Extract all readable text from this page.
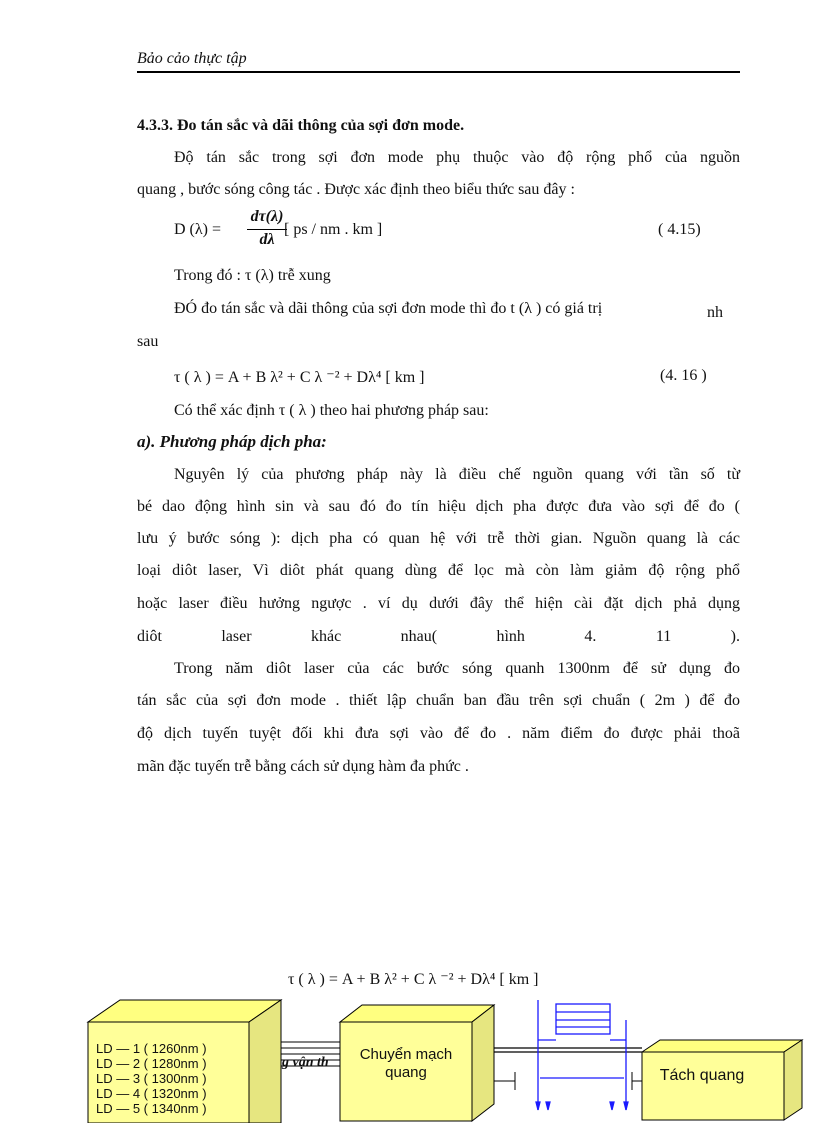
Bảo cảo thực tập
4.3.3. Đo tán sắc và dãi thông của sợi đơn mode.
Độ tán sắc trong sợi đơn mode phụ thuộc vào độ rộng phổ của nguồn
quang , bước sóng công tác . Được xác định theo biểu thức sau đây :
D (λ) =
dτ(λ)
dλ
[ ps / nm . km ]	( 4.15)
Trong đó : τ (λ) trễ xung
ĐÓ đo tán sắc và dãi thông của sợi đơn mode thì đo t (λ ) có giá trị	nh
sau
τ ( λ ) = A + B λ² + C λ ⁻² + Dλ⁴ [ km ]	(4. 16 )
Có thể xác định τ ( λ ) theo hai phương pháp sau:
a). Phương pháp dịch pha:
Nguyên lý của phương pháp này là điều chế nguồn quang với tần số từ
bé dao động hình sin và sau đó đo tín hiệu dịch pha được đưa vào sợi để đo (
lưu ý bước sóng ): dịch pha có quan hệ với trễ thời gian. Nguồn quang là các
loại diôt laser, Vì diôt phát quang dùng để lọc mà còn làm giảm độ rộng phổ
hoặc laser điều hưởng ngược . ví dụ dưới đây thể hiện cài đặt dịch phả dụng
diôt	laser	khác	nhau(	hình	4.	11	).
Trong năm diôt laser của các bước sóng quanh 1300nm để sử dụng đo
tán sắc của sợi đơn mode . thiết lập chuẩn ban đầu trên sợi chuẩn ( 2m ) để đo
độ dịch tuyến tuyệt đối khi đưa sợi vào để đo . năm điểm đo được phải thoã
mãn đặc tuyến trễ bằng cách sử dụng hàm đa phức .
τ ( λ ) = A + B λ² + C λ ⁻² + Dλ⁴ [ km ]
LD — 1 ( 1260nm )
LD — 2 ( 1280nm )
LD — 3 ( 1300nm )
LD — 4 ( 1320nm )
LD — 5 ( 1340nm )
g vận th	Chuyển mạch
quang	Tách quang
